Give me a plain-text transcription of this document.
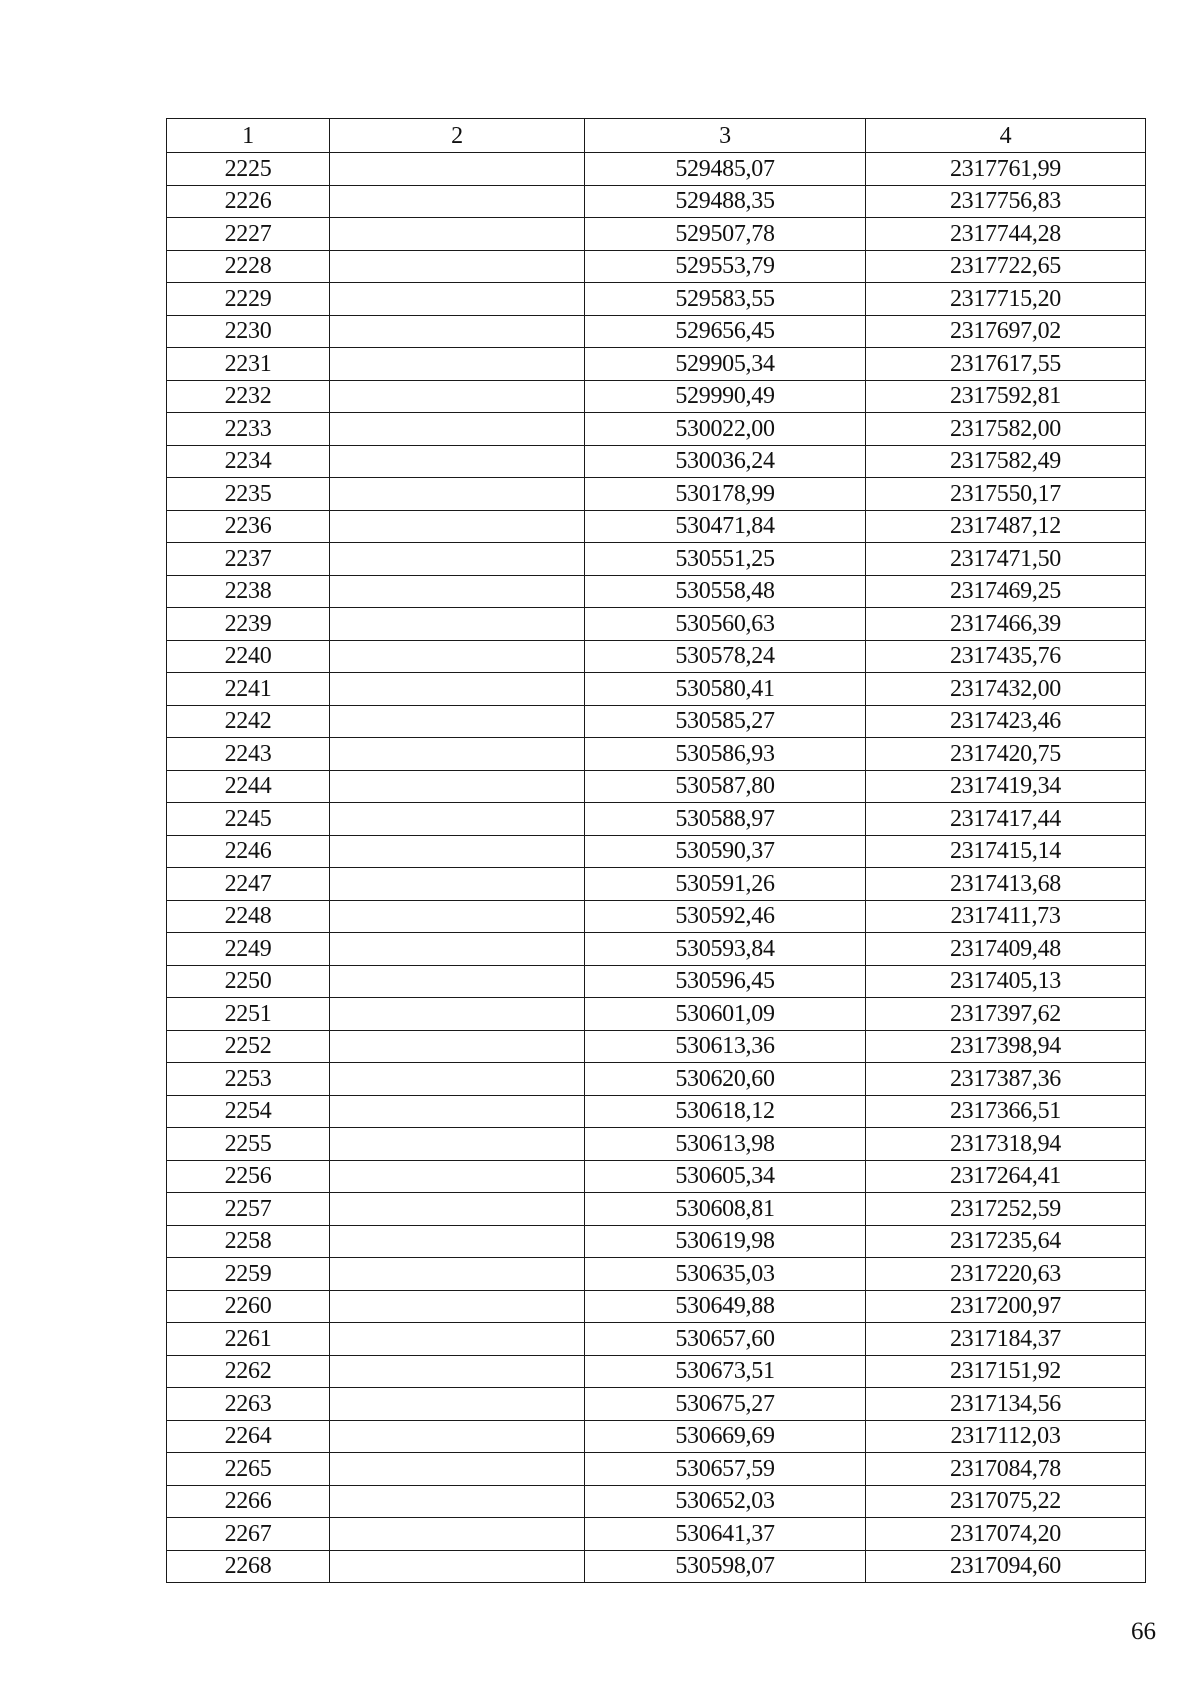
1	2	3	4
2225		529485,07	2317761,99
2226		529488,35	2317756,83
2227		529507,78	2317744,28
2228		529553,79	2317722,65
2229		529583,55	2317715,20
2230		529656,45	2317697,02
2231		529905,34	2317617,55
2232		529990,49	2317592,81
2233		530022,00	2317582,00
2234		530036,24	2317582,49
2235		530178,99	2317550,17
2236		530471,84	2317487,12
2237		530551,25	2317471,50
2238		530558,48	2317469,25
2239		530560,63	2317466,39
2240		530578,24	2317435,76
2241		530580,41	2317432,00
2242		530585,27	2317423,46
2243		530586,93	2317420,75
2244		530587,80	2317419,34
2245		530588,97	2317417,44
2246		530590,37	2317415,14
2247		530591,26	2317413,68
2248		530592,46	2317411,73
2249		530593,84	2317409,48
2250		530596,45	2317405,13
2251		530601,09	2317397,62
2252		530613,36	2317398,94
2253		530620,60	2317387,36
2254		530618,12	2317366,51
2255		530613,98	2317318,94
2256		530605,34	2317264,41
2257		530608,81	2317252,59
2258		530619,98	2317235,64
2259		530635,03	2317220,63
2260		530649,88	2317200,97
2261		530657,60	2317184,37
2262		530673,51	2317151,92
2263		530675,27	2317134,56
2264		530669,69	2317112,03
2265		530657,59	2317084,78
2266		530652,03	2317075,22
2267		530641,37	2317074,20
2268		530598,07	2317094,60
66
